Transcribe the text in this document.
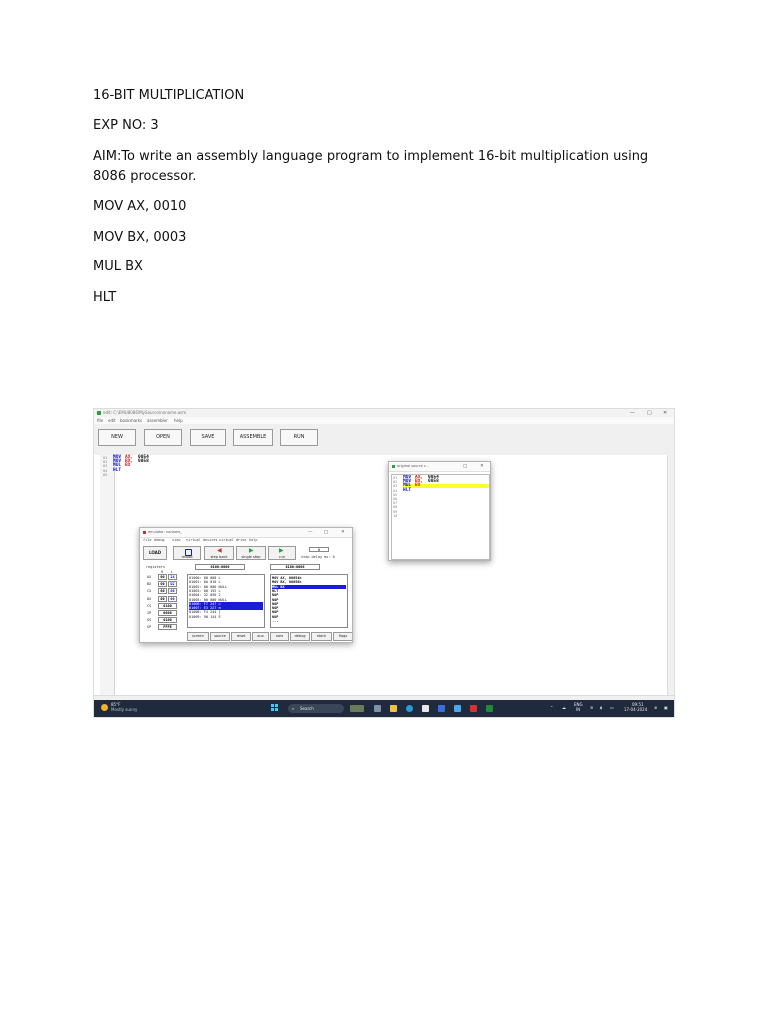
16-BIT MULTIPLICATION
EXP NO: 3
AIM:To write an assembly language program to implement 16-bit multiplication using 8086 processor.
MOV AX, 0010
MOV BX, 0003
MUL BX
HLT
edit: C:\EMU8086\MySource\noname.asm	— □ ✕
file edit bookmarks assembler help
NEW	OPEN	SAVE	ASSEMBLE	RUN
01 MOV AX, 0054
02 MOV BX, 0058
03 MUL BX
04 HLT
05
original source c...	□	✕
01 MOV AX, 0054
02 MOV BX, 0058
03 MUL BX
04 HLT
05
06
07
08
09
10
emulator: noname_	—	□	✕
file debug view virtual devices virtual drive help
LOAD
reload
◀
step back
▶
single step
▶
run
0
step delay ms: 0
0100:0006	0100:0006
registers
H L
AX	00	24
BX	00	D2
CX	00	00
DX	00	00
CS	0100
IP	0006
SS	0100
SP	FFFE
01000: 08 008 L
01001: 0A 010 L
01002: 00 000 NULL
01003: 00 192 L
01004: 32 050 2
01005: 00 000 NULL
01006: F7 247 ≈
01007: E3 227 π
01008: F4 244 ⌠
01009: 90 144 É
MOV AX, 00054h
MOV BX, 00058h
MUL BX
HLT
NOP
NOP
NOP
NOP
NOP
NOP
...
screen	source	reset	aux	vars	debug	stack	flags
85°F
Mostly sunny	⌕ Search	⌃ ☁
ENG
IN ≋ ◖ ▭
09:51
17-04-2024 ⊕ ▣
